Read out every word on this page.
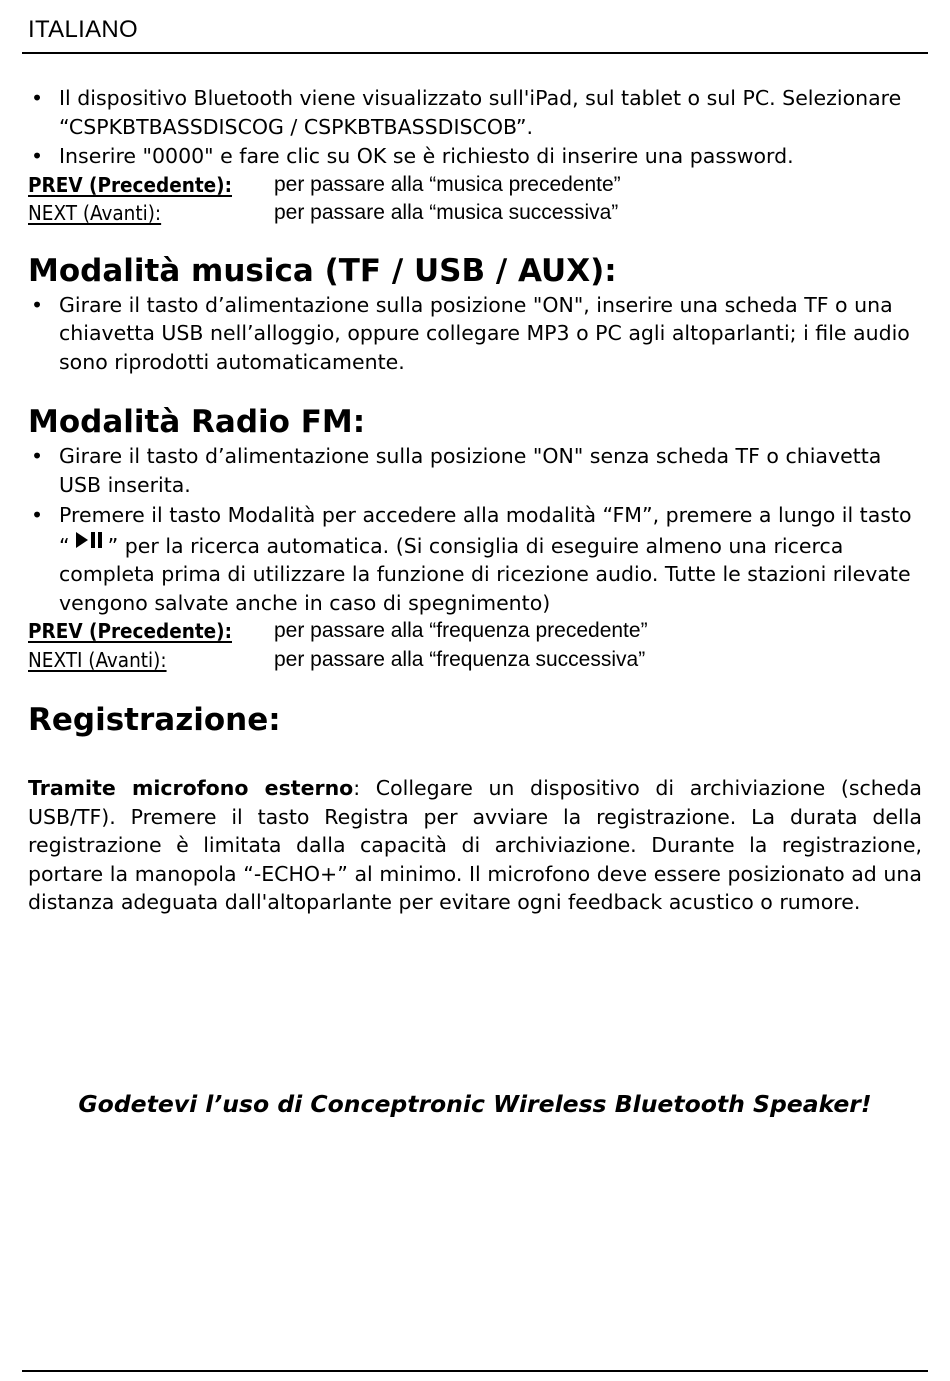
ITALIANO
• Il dispositivo Bluetooth viene visualizzato sull'iPad, sul tablet o sul PC. Selezionare “CSPKBTBASSDISCOG / CSPKBTBASSDISCOB”.
• Inserire "0000" e fare clic su OK se è richiesto di inserire una password.
PREV (Precedente):	per passare alla “musica precedente”
NEXT (Avanti):	per passare alla “musica successiva”
Modalità musica (TF / USB / AUX):
• Girare il tasto d’alimentazione sulla posizione "ON", inserire una scheda TF o una chiavetta USB nell’alloggio, oppure collegare MP3 o PC agli altoparlanti; i file audio sono riprodotti automaticamente.
Modalità Radio FM:
• Girare il tasto d’alimentazione sulla posizione "ON" senza scheda TF o chiavetta USB inserita.
• Premere il tasto Modalità per accedere alla modalità “FM”, premere a lungo il tasto “ ” per la ricerca automatica. (Si consiglia di eseguire almeno una ricerca completa prima di utilizzare la funzione di ricezione audio. Tutte le stazioni rilevate vengono salvate anche in caso di spegnimento)
PREV (Precedente):	per passare alla “frequenza precedente”
NEXTI (Avanti):	per passare alla “frequenza successiva”
Registrazione:

Tramite microfono esterno: Collegare un dispositivo di archiviazione (scheda USB/TF). Premere il tasto Registra per avviare la registrazione. La durata della registrazione è limitata dalla capacità di archiviazione. Durante la registrazione, portare la manopola “-ECHO+” al minimo. Il microfono deve essere posizionato ad una distanza adeguata dall'altoparlante per evitare ogni feedback acustico o rumore.

Godetevi l’uso di Conceptronic Wireless Bluetooth Speaker!
